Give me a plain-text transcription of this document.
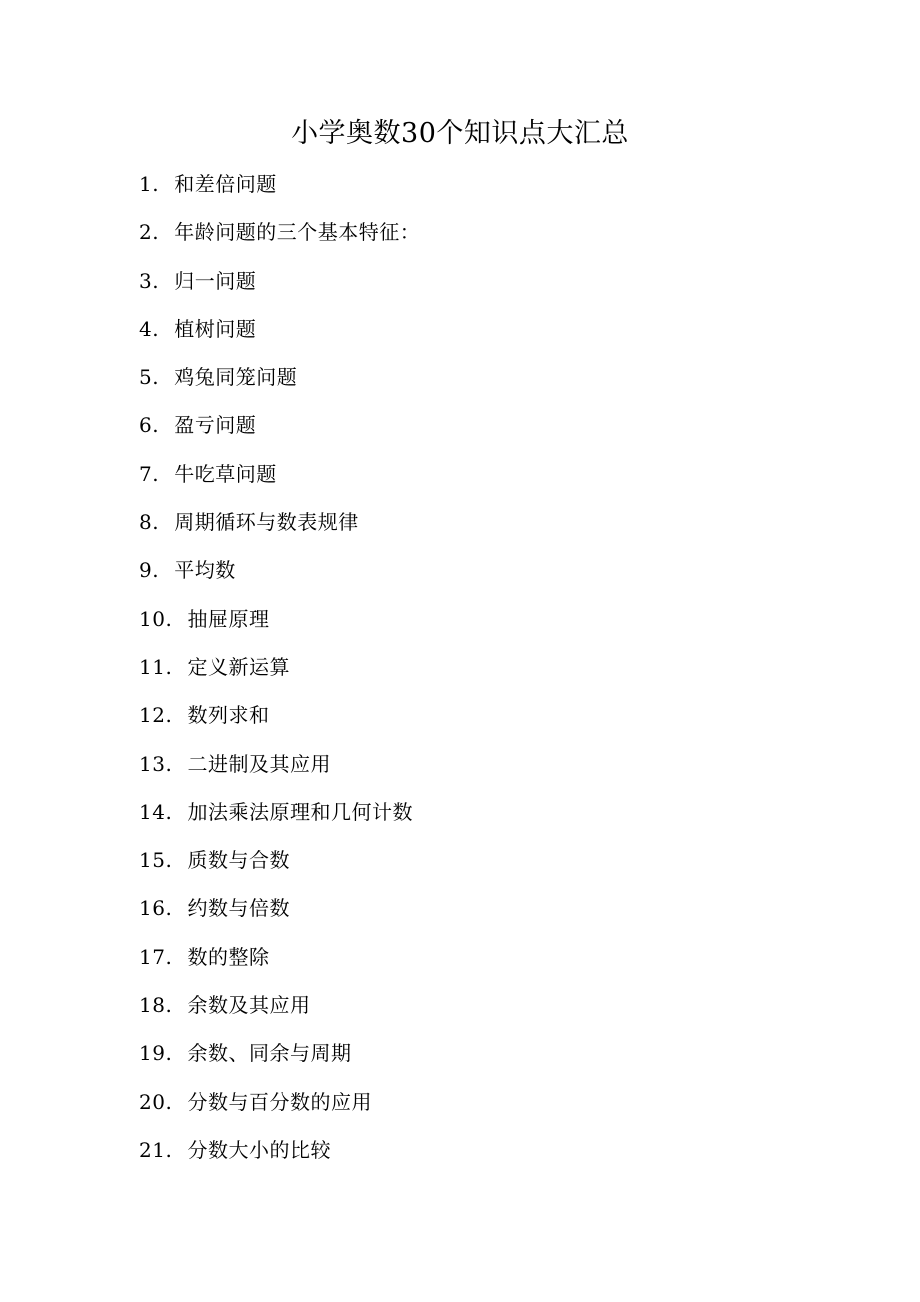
小学奥数30个知识点大汇总
1. 和差倍问题
2. 年龄问题的三个基本特征：
3. 归一问题
4. 植树问题
5. 鸡兔同笼问题
6. 盈亏问题
7. 牛吃草问题
8. 周期循环与数表规律
9. 平均数
10. 抽屉原理
11. 定义新运算
12. 数列求和
13. 二进制及其应用
14. 加法乘法原理和几何计数
15. 质数与合数
16. 约数与倍数
17. 数的整除
18. 余数及其应用
19. 余数、同余与周期
20. 分数与百分数的应用
21. 分数大小的比较
